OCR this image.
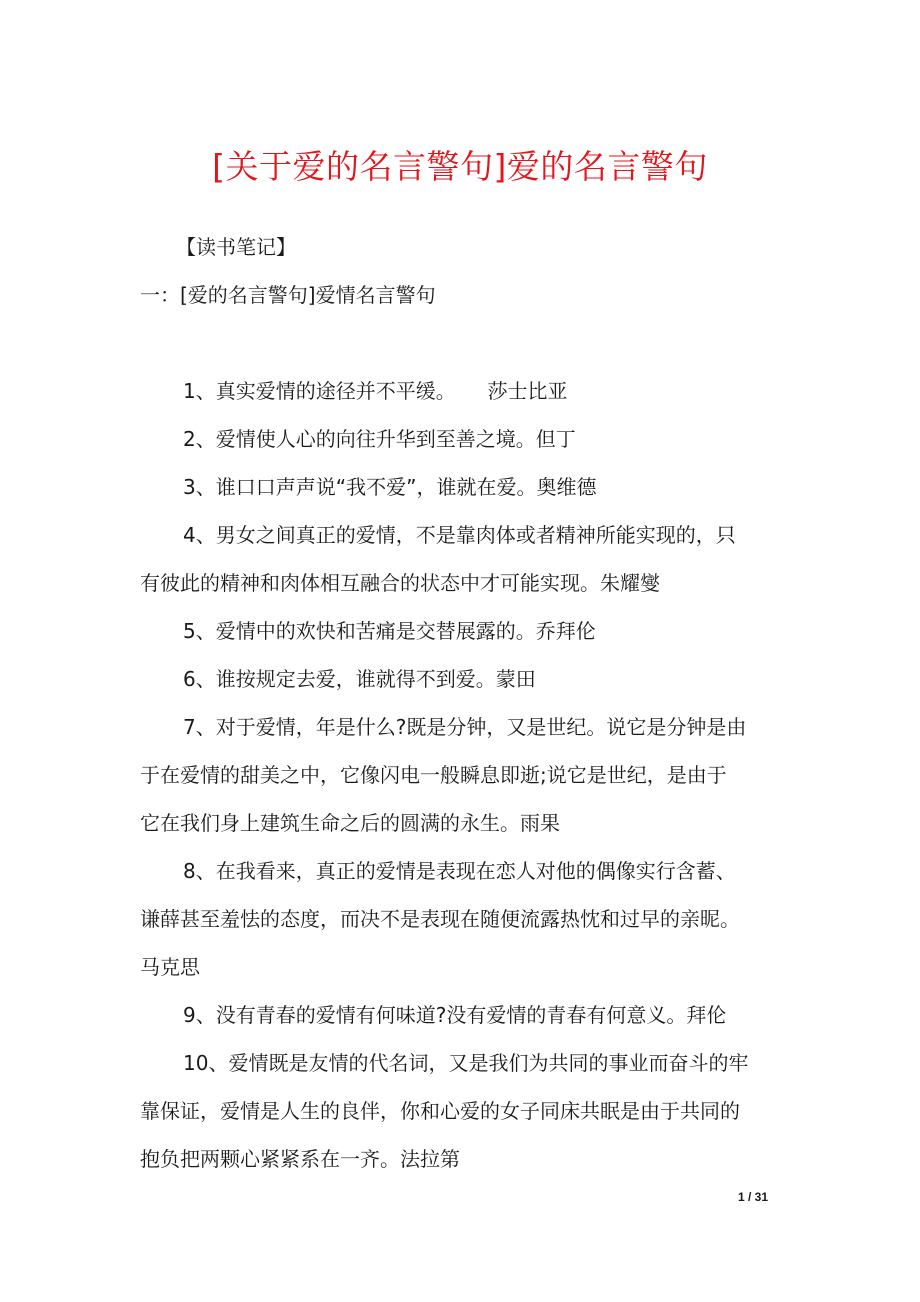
[关于爱的名言警句]爱的名言警句
【读书笔记】
一：[爱的名言警句]爱情名言警句
1、真实爱情的途径并不平缓。     莎士比亚
2、爱情使人心的向往升华到至善之境。但丁
3、谁口口声声说“我不爱”，谁就在爱。奥维德
4、男女之间真正的爱情，不是靠肉体或者精神所能实现的，只
有彼此的精神和肉体相互融合的状态中才可能实现。朱耀燮
5、爱情中的欢快和苦痛是交替展露的。乔拜伦
6、谁按规定去爱，谁就得不到爱。蒙田
7、对于爱情，年是什么?既是分钟，又是世纪。说它是分钟是由
于在爱情的甜美之中，它像闪电一般瞬息即逝;说它是世纪，是由于
它在我们身上建筑生命之后的圆满的永生。雨果
8、在我看来，真正的爱情是表现在恋人对他的偶像实行含蓄、
谦薛甚至羞怯的态度，而决不是表现在随便流露热忱和过早的亲昵。
马克思
9、没有青春的爱情有何味道?没有爱情的青春有何意义。拜伦
10、爱情既是友情的代名词，又是我们为共同的事业而奋斗的牢
靠保证，爱情是人生的良伴，你和心爱的女子同床共眠是由于共同的
抱负把两颗心紧紧系在一齐。法拉第
1 / 31
